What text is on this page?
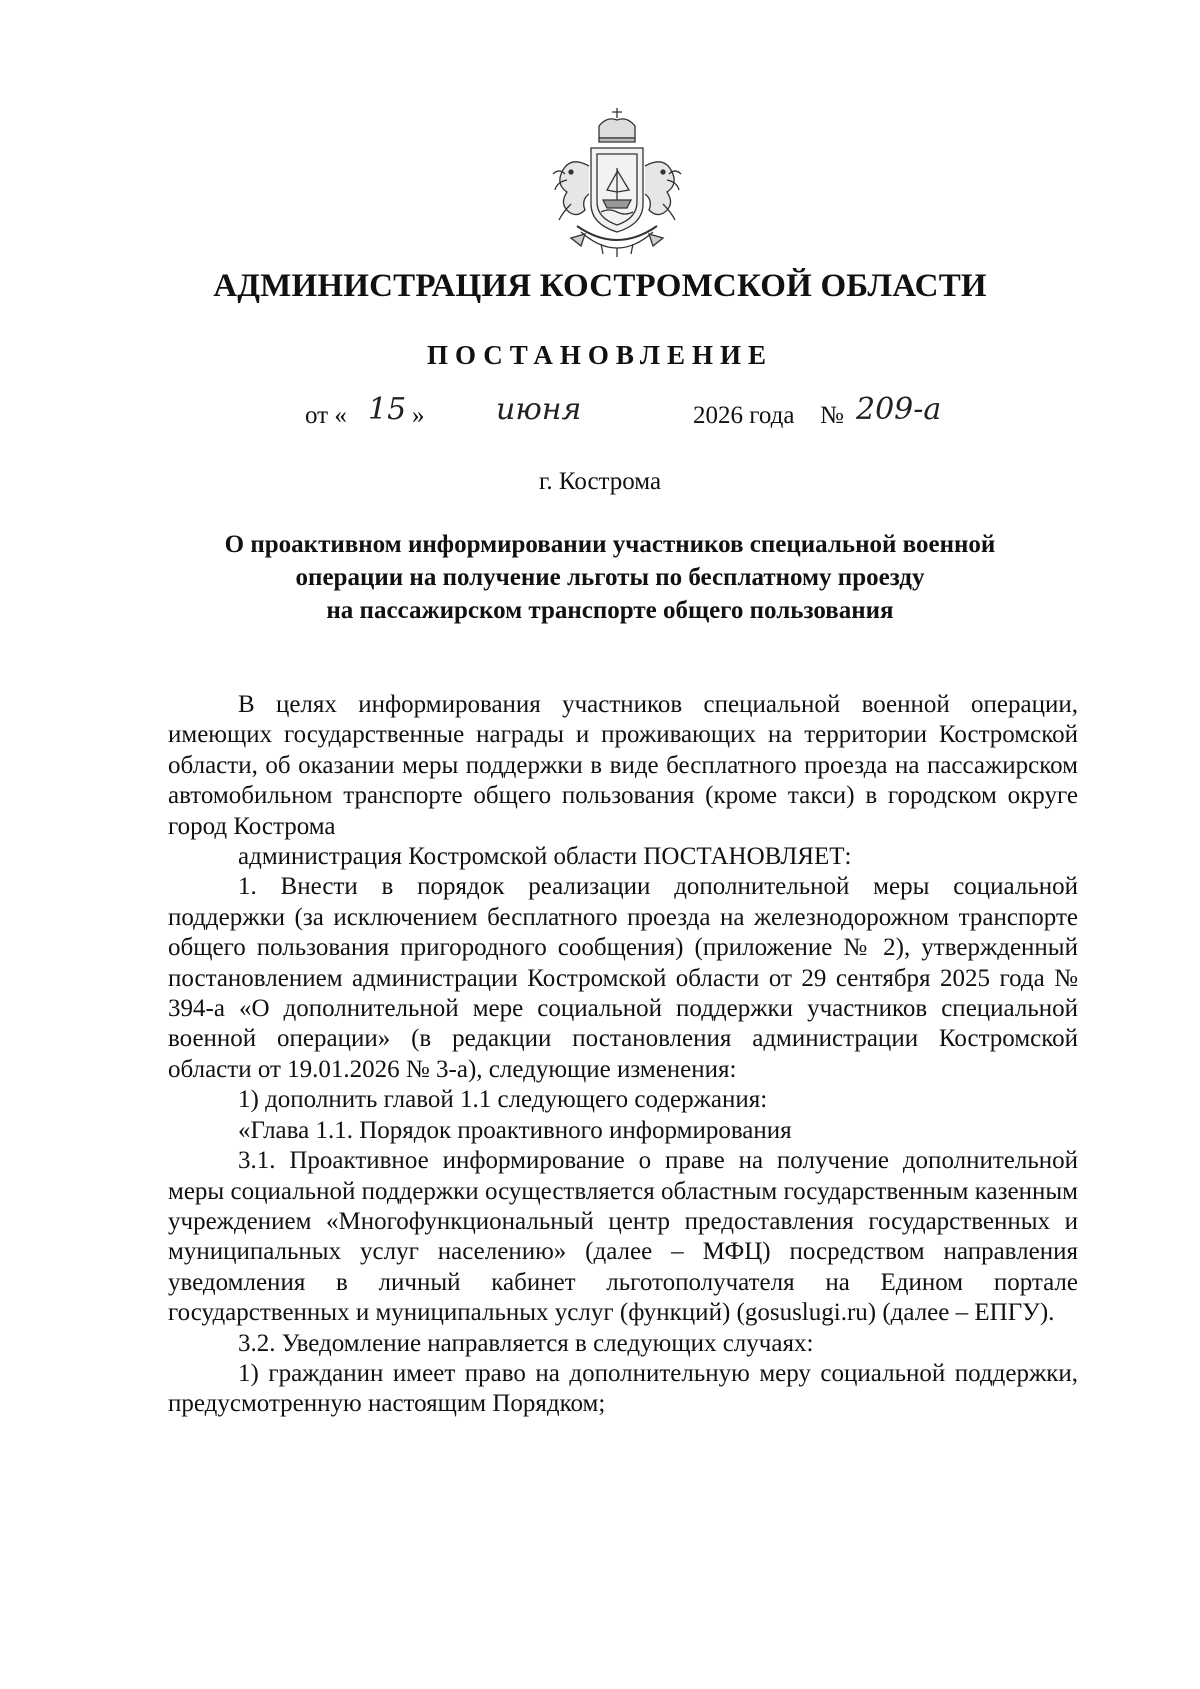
АДМИНИСТРАЦИЯ КОСТРОМСКОЙ ОБЛАСТИ
ПОСТАНОВЛЕНИЕ
от « 15 » июня	2026 года № 209-а

г. Кострома

О проактивном информировании участников специальной военной
операции на получение льготы по бесплатному проезду
на пассажирском транспорте общего пользования

В целях информирования участников специальной военной операции, имеющих государственные награды и проживающих на территории Костромской области, об оказании меры поддержки в виде бесплатного проезда на пассажирском автомобильном транспорте общего пользования (кроме такси) в городском округе город Кострома

администрация Костромской области ПОСТАНОВЛЯЕТ:

1. Внести в порядок реализации дополнительной меры социальной поддержки (за исключением бесплатного проезда на железнодорожном транспорте общего пользования пригородного сообщения) (приложение № 2), утвержденный постановлением администрации Костромской области от 29 сентября 2025 года № 394-а «О дополнительной мере социальной поддержки участников специальной военной операции» (в редакции постановления администрации Костромской области от 19.01.2026 № 3-а), следующие изменения:

1) дополнить главой 1.1 следующего содержания:

«Глава 1.1. Порядок проактивного информирования

3.1. Проактивное информирование о праве на получение дополнительной меры социальной поддержки осуществляется областным государственным казенным учреждением «Многофункциональный центр предоставления государственных и муниципальных услуг населению» (далее – МФЦ) посредством направления уведомления в личный кабинет льготополучателя на Едином портале государственных и муниципальных услуг (функций) (gosuslugi.ru) (далее – ЕПГУ).

3.2. Уведомление направляется в следующих случаях:

1) гражданин имеет право на дополнительную меру социальной поддержки, предусмотренную настоящим Порядком;
